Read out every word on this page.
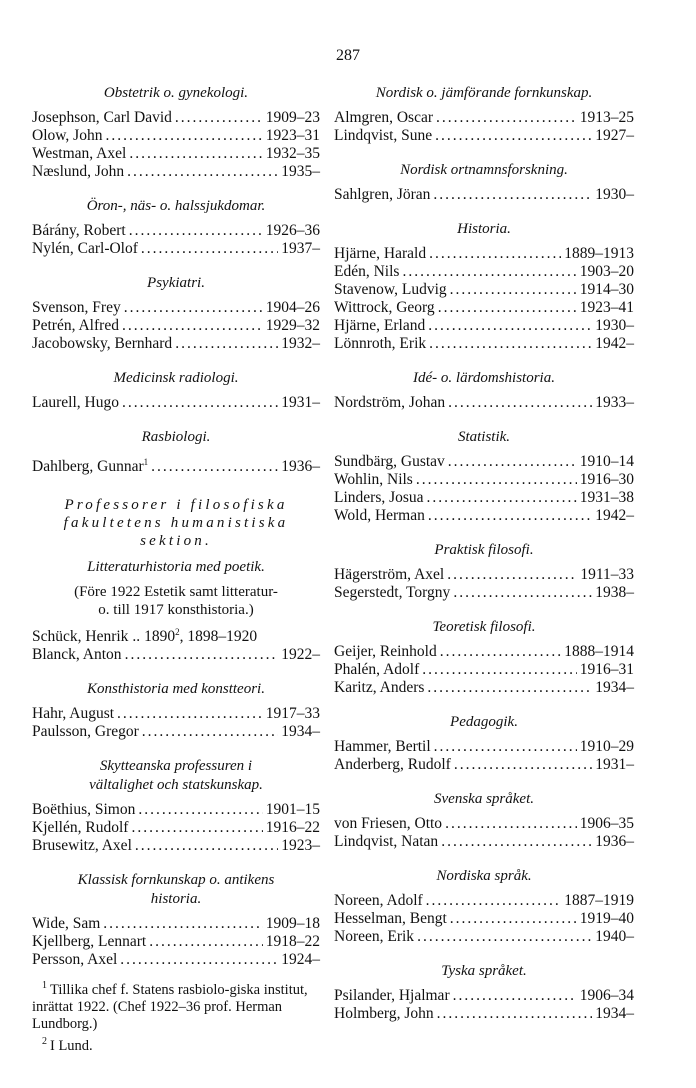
287
Obstetrik o. gynekologi.
Josephson, Carl David .....	1909–23
Olow, John .....	1923–31
Westman, Axel .....	1932–35
Næslund, John .....	1935–
Öron-, näs- o. halssjukdomar.
Bárány, Robert .....	1926–36
Nylén, Carl-Olof .....	1937–
Psykiatri.
Svenson, Frey .....	1904–26
Petrén, Alfred .....	1929–32
Jacobowsky, Bernhard .....	1932–
Medicinsk radiologi.
Laurell, Hugo .....	1931–
Rasbiologi.
Dahlberg, Gunnar$^1$ .....	1936–
Professorer i filosofiska
fakultetens humanistiska
sektion.
Litteraturhistoria med poetik.
(Före 1922 Estetik samt litteratur-
o. till 1917 konsthistoria.)
Schück, Henrik .. 1890$^2$, 1898–1920
Blanck, Anton .....	1922–
Konsthistoria med konstteori.
Hahr, August .....	1917–33
Paulsson, Gregor .....	1934–
Skytteanska professuren i
vältalighet och statskunskap.
Boëthius, Simon .....	1901–15
Kjellén, Rudolf .....	1916–22
Brusewitz, Axel .....	1923–
Klassisk fornkunskap o. antikens
historia.
Wide, Sam .....	1909–18
Kjellberg, Lennart .....	1918–22
Persson, Axel .....	1924–
$^1$ Tillika chef f. Statens rasbiolo-giska institut, inrättat 1922. (Chef 1922–36 prof. Herman Lundborg.)
$^2$ I Lund.
Nordisk o. jämförande fornkunskap.
Almgren, Oscar .....	1913–25
Lindqvist, Sune .....	1927–
Nordisk ortnamnsforskning.
Sahlgren, Jöran .....	1930–
Historia.
Hjärne, Harald .....	1889–1913
Edén, Nils .....	1903–20
Stavenow, Ludvig .....	1914–30
Wittrock, Georg .....	1923–41
Hjärne, Erland .....	1930–
Lönnroth, Erik .....	1942–
Idé- o. lärdomshistoria.
Nordström, Johan .....	1933–
Statistik.
Sundbärg, Gustav .....	1910–14
Wohlin, Nils .....	1916–30
Linders, Josua .....	1931–38
Wold, Herman .....	1942–
Praktisk filosofi.
Hägerström, Axel .....	1911–33
Segerstedt, Torgny .....	1938–
Teoretisk filosofi.
Geijer, Reinhold .....	1888–1914
Phalén, Adolf .....	1916–31
Karitz, Anders .....	1934–
Pedagogik.
Hammer, Bertil .....	1910–29
Anderberg, Rudolf .....	1931–
Svenska språket.
von Friesen, Otto .....	1906–35
Lindqvist, Natan .....	1936–
Nordiska språk.
Noreen, Adolf .....	1887–1919
Hesselman, Bengt .....	1919–40
Noreen, Erik .....	1940–
Tyska språket.
Psilander, Hjalmar .....	1906–34
Holmberg, John .....	1934–
